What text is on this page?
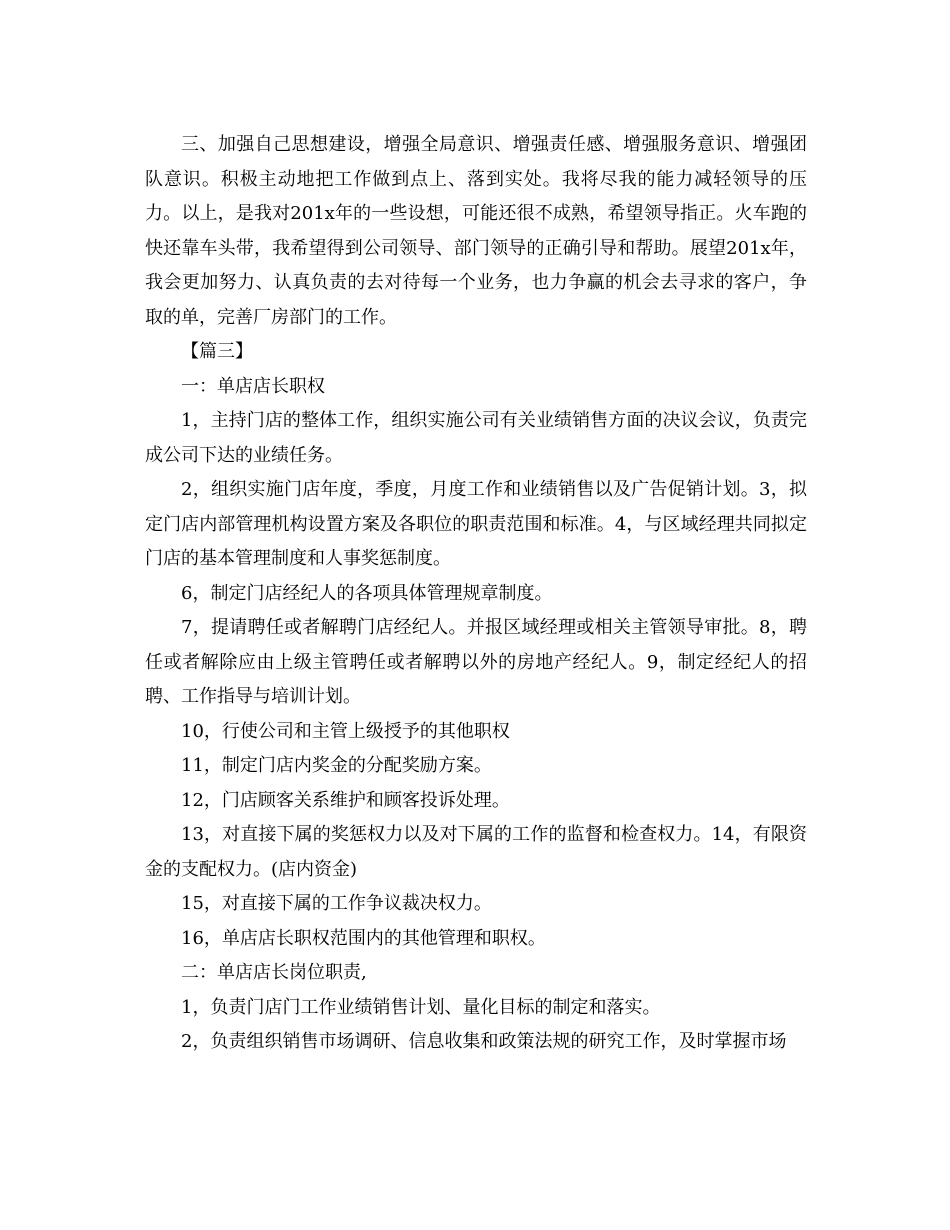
三、加强自己思想建设，增强全局意识、增强责任感、增强服务意识、增强团队意识。积极主动地把工作做到点上、落到实处。我将尽我的能力减轻领导的压力。以上，是我对201x年的一些设想，可能还很不成熟，希望领导指正。火车跑的快还靠车头带，我希望得到公司领导、部门领导的正确引导和帮助。展望201x年，我会更加努力、认真负责的去对待每一个业务，也力争赢的机会去寻求的客户，争取的单，完善厂房部门的工作。

【篇三】

一：单店店长职权

1，主持门店的整体工作，组织实施公司有关业绩销售方面的决议会议，负责完成公司下达的业绩任务。

2，组织实施门店年度，季度，月度工作和业绩销售以及广告促销计划。3，拟定门店内部管理机构设置方案及各职位的职责范围和标准。4，与区域经理共同拟定门店的基本管理制度和人事奖惩制度。

6，制定门店经纪人的各项具体管理规章制度。

7，提请聘任或者解聘门店经纪人。并报区域经理或相关主管领导审批。8，聘任或者解除应由上级主管聘任或者解聘以外的房地产经纪人。9，制定经纪人的招聘、工作指导与培训计划。

10，行使公司和主管上级授予的其他职权

11，制定门店内奖金的分配奖励方案。

12，门店顾客关系维护和顾客投诉处理。

13，对直接下属的奖惩权力以及对下属的工作的监督和检查权力。14，有限资金的支配权力。(店内资金)

15，对直接下属的工作争议裁决权力。

16，单店店长职权范围内的其他管理和职权。

二：单店店长岗位职责,

1，负责门店门工作业绩销售计划、量化目标的制定和落实。

2，负责组织销售市场调研、信息收集和政策法规的研究工作，及时掌握市场
